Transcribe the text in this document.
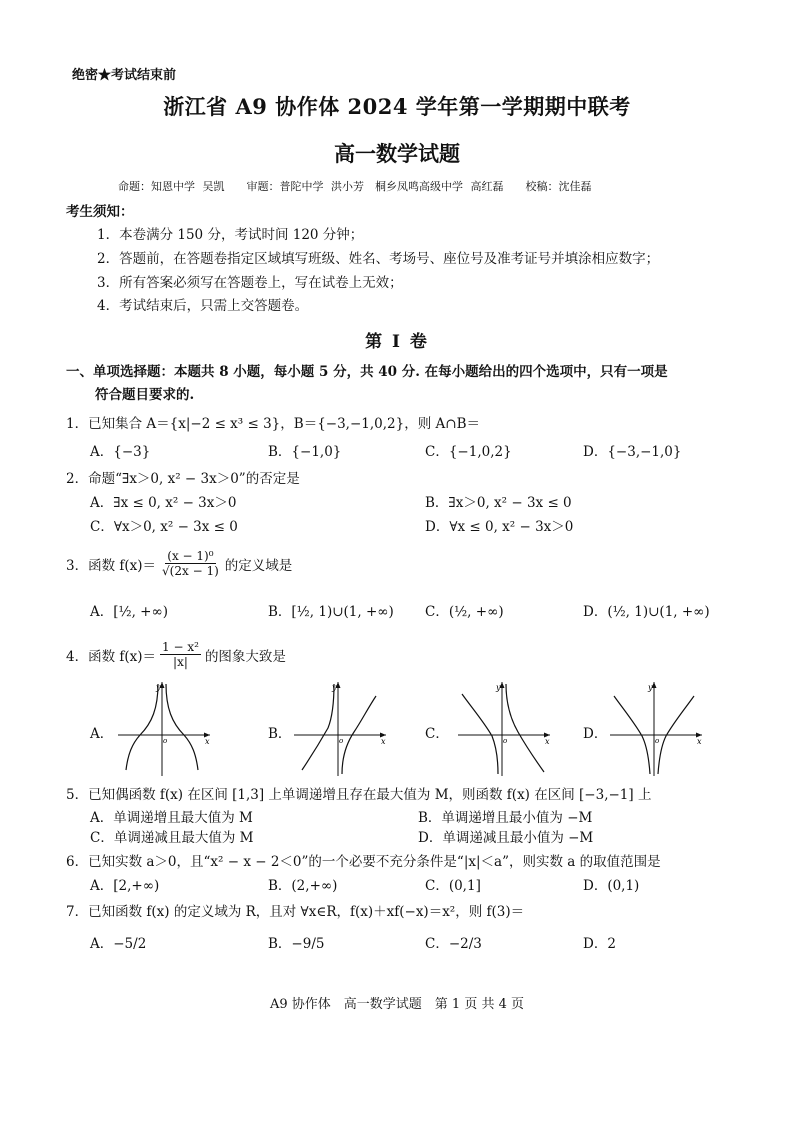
绝密★考试结束前
浙江省 A9 协作体 2024 学年第一学期期中联考
高一数学试题
命题：知恩中学 吴凯　　审题：普陀中学 洪小芳　桐乡凤鸣高级中学 高红磊　　校稿：沈佳磊
考生须知：
1．本卷满分 150 分，考试时间 120 分钟；
2．答题前，在答题卷指定区域填写班级、姓名、考场号、座位号及准考证号并填涂相应数字；
3．所有答案必须写在答题卷上，写在试卷上无效；
4．考试结束后，只需上交答题卷。
第 I 卷
一、单项选择题：本题共 8 小题，每小题 5 分，共 40 分. 在每小题给出的四个选项中，只有一项是
符合题目要求的.
1．已知集合 A＝{x|−2 ≤ x³ ≤ 3}，B＝{−3,−1,0,2}，则 A∩B＝
A．{−3}	B．{−1,0}	C．{−1,0,2}	D．{−3,−1,0}
2．命题“∃x＞0, x² − 3x＞0”的否定是
A．∃x ≤ 0, x² − 3x＞0	B．∃x＞0, x² − 3x ≤ 0
C．∀x＞0, x² − 3x ≤ 0	D．∀x ≤ 0, x² − 3x＞0
3．函数 $f(x)= \frac{\text{(x − 1)⁰}}{√(2x - 1)}$ 的定义域是
A．[½, +∞)	B．[½, 1)∪(1, +∞) C．(½, +∞)	D．(½, 1)∪(1, +∞)
4．函数 $f(x)= \frac{\text{1 − x²}}{|x|}$ 的图象大致是
A．	B．	C．	D．
y
x
o
y
x
o
y
x
o
y
x
o
5．已知偶函数 f(x) 在区间 [1,3] 上单调递增且存在最大值为 M，则函数 f(x) 在区间 [−3,−1] 上
A．单调递增且最大值为 M	B．单调递增且最小值为 −M
C．单调递减且最大值为 M	D．单调递减且最小值为 −M
6．已知实数 a＞0，且“x² − x − 2＜0”的一个必要不充分条件是“|x|＜a”，则实数 a 的取值范围是
A．[2,+∞)	B．(2,+∞)	C．(0,1]	D．(0,1)
7．已知函数 f(x) 的定义域为 R，且对 ∀x∈R，f(x)＋xf(−x)＝x²，则 f(3)＝
A．−5/2	B．−9/5	C．−2/3	D．2
A9 协作体　高一数学试题　第 1 页 共 4 页
